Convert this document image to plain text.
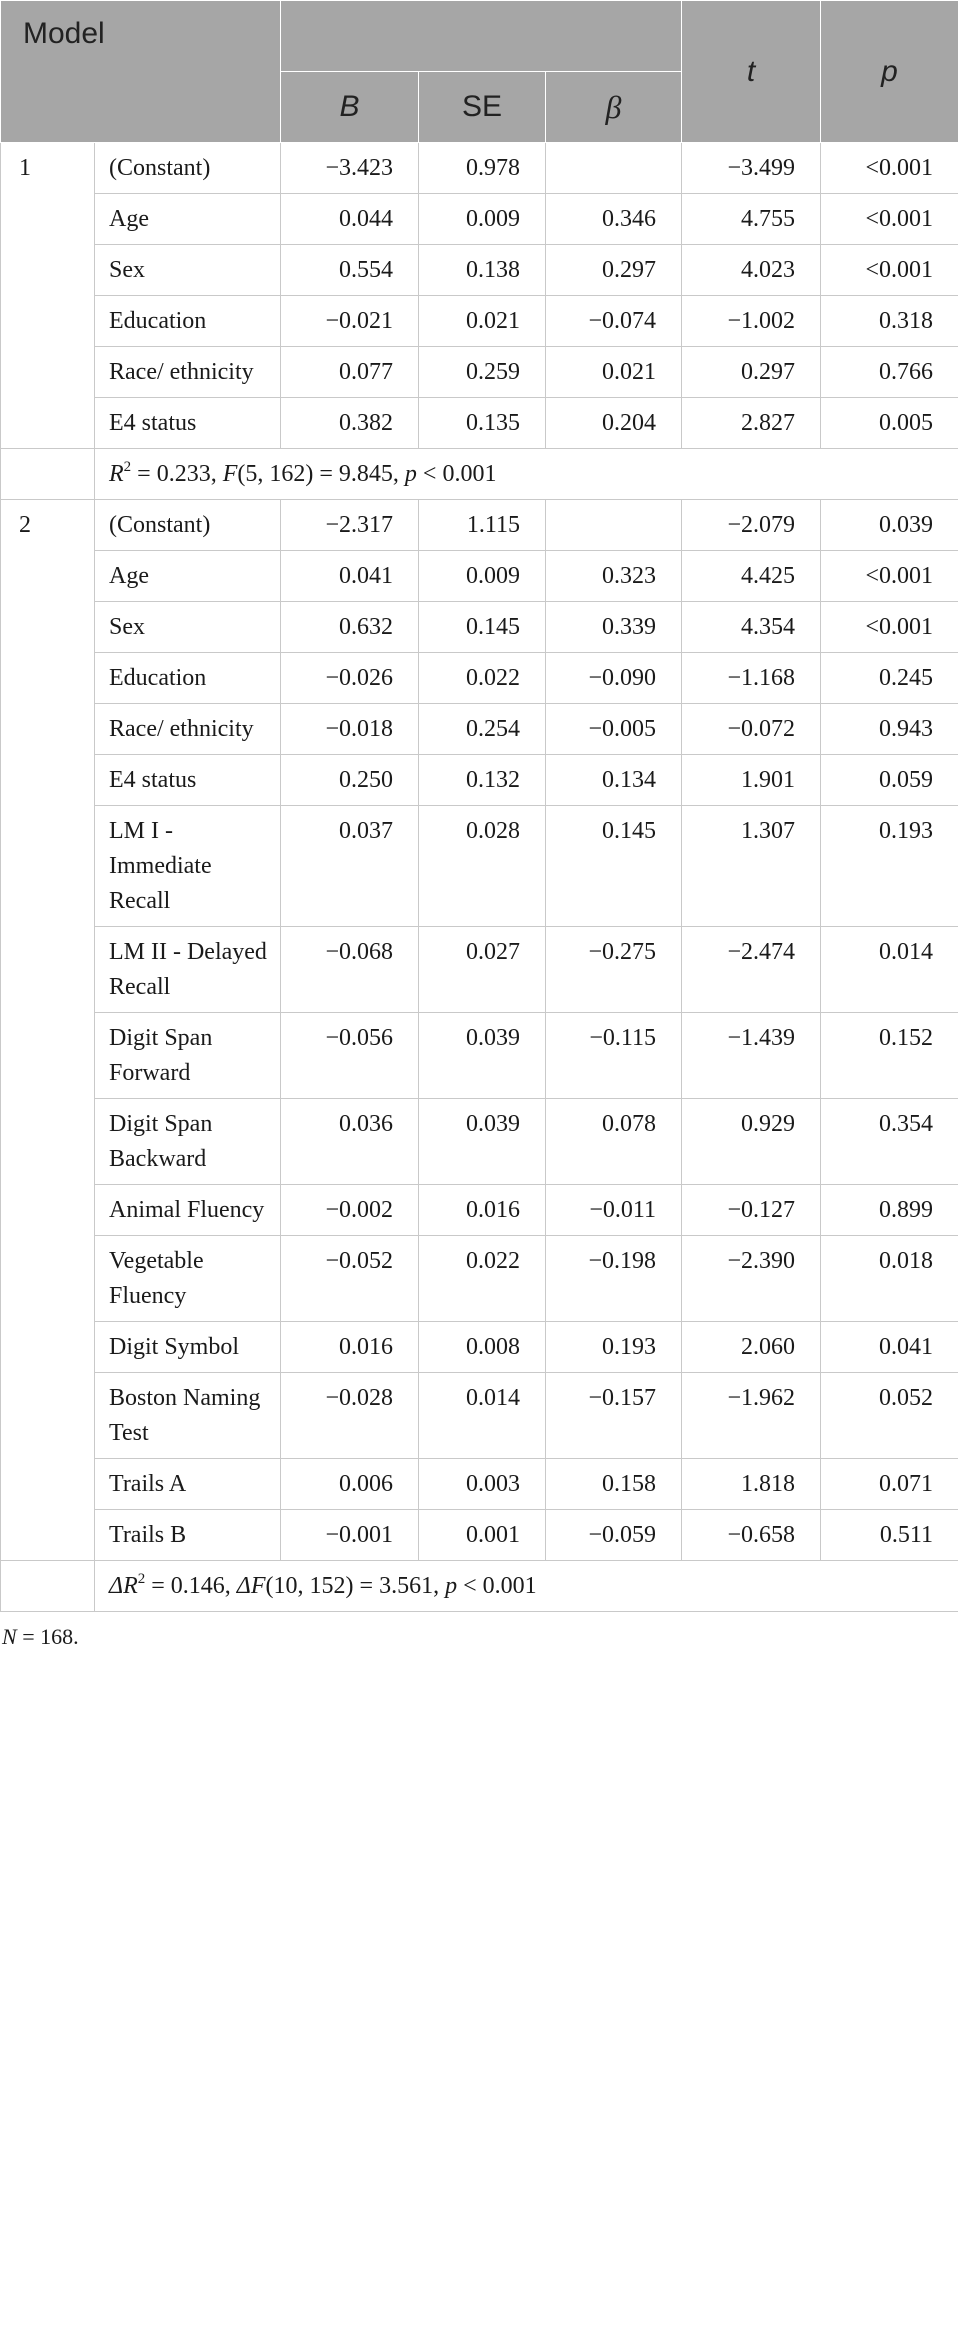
Model					t	p
		B	SE	β		
1	(Constant)	−3.423	0.978		−3.499	<0.001
	Age	0.044	0.009	0.346	4.755	<0.001
	Sex	0.554	0.138	0.297	4.023	<0.001
	Education	−0.021	0.021	−0.074	−1.002	0.318
	Race/ ethnicity	0.077	0.259	0.021	0.297	0.766
	E4 status	0.382	0.135	0.204	2.827	0.005
	$R^2 = 0.233$, F(5, 162) = 9.845, p < 0.001					
2	(Constant)	−2.317	1.115		−2.079	0.039
	Age	0.041	0.009	0.323	4.425	<0.001
	Sex	0.632	0.145	0.339	4.354	<0.001
	Education	−0.026	0.022	−0.090	−1.168	0.245
	Race/ ethnicity	−0.018	0.254	−0.005	−0.072	0.943
	E4 status	0.250	0.132	0.134	1.901	0.059
	LM I - Immediate Recall	0.037	0.028	0.145	1.307	0.193
	LM II - Delayed Recall	−0.068	0.027	−0.275	−2.474	0.014
	Digit Span Forward	−0.056	0.039	−0.115	−1.439	0.152
	Digit Span Backward	0.036	0.039	0.078	0.929	0.354
	Animal Fluency	−0.002	0.016	−0.011	−0.127	0.899
	Vegetable Fluency	−0.052	0.022	−0.198	−2.390	0.018
	Digit Symbol	0.016	0.008	0.193	2.060	0.041
	Boston Naming Test	−0.028	0.014	−0.157	−1.962	0.052
	Trails A	0.006	0.003	0.158	1.818	0.071
	Trails B	−0.001	0.001	−0.059	−0.658	0.511
	$\Delta R^2 = 0.146$, ΔF(10, 152) = 3.561, p < 0.001					
N = 168.
